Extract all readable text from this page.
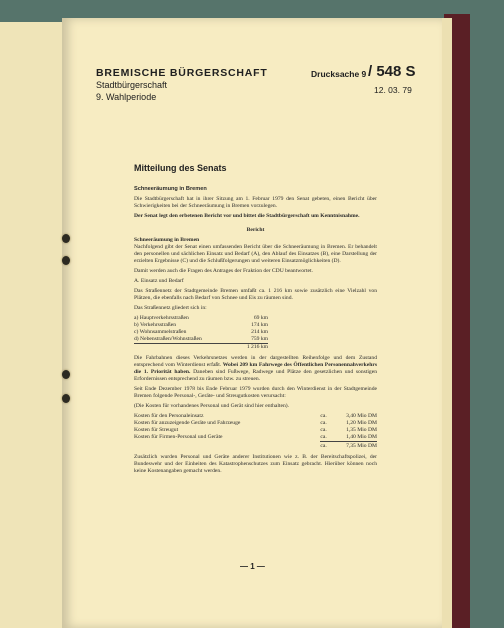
BREMISCHE BÜRGERSCHAFT
Stadtbürgerschaft
9. Wahlperiode
Drucksache 9 / 548 S
12. 03. 79
Mitteilung des Senats

Schneeräumung in Bremen

Die Stadtbürgerschaft hat in ihrer Sitzung am 1. Februar 1979 den Senat gebeten, einen Bericht über Schwierigkeiten bei der Schneeräumung in Bremen vorzulegen.

Der Senat legt den erbetenen Bericht vor und bittet die Stadtbürgerschaft um Kenntnisnahme.

Bericht

Schneeräumung in Bremen

Nachfolgend gibt der Senat einen umfassenden Bericht über die Schneeräumung in Bremen. Er behandelt den personellen und sächlichen Einsatz und Bedarf (A), den Ablauf des Einsatzes (B), eine Darstellung der erzielten Ergebnisse (C) und die Schlußfolgerungen und weiteren Einsatzmöglichkeiten (D).

Damit werden auch die Fragen des Antrages der Fraktion der CDU beantwortet.

A. Einsatz und Bedarf

Das Straßennetz der Stadtgemeinde Bremen umfaßt ca. 1 216 km sowie zusätzlich eine Vielzahl von Plätzen, die ebenfalls nach Bedarf von Schnee und Eis zu räumen sind.

Das Straßennetz gliedert sich in:

a) Hauptverkehrsstraßen	69 km
b) Verkehrsstraßen	174 km
c) Wohnsammelstraßen	214 km
d) Nebenstraßen/Wohnstraßen	759 km
1 216 km

Die Fahrbahnen dieses Verkehrsnetzes werden in der dargestellten Reihenfolge und dem Zustand entsprechend vom Winterdienst erfaßt. Wobei 209 km Fahrwege des Öffentlichen Personennahverkehrs die 1. Priorität haben. Daneben sind Fußwege, Radwege und Plätze den gesetzlichen und sonstigen Erfordernissen entsprechend zu räumen bzw. zu streuen.

Seit Ende Dezember 1978 bis Ende Februar 1979 wurden durch den Winterdienst in der Stadtgemeinde Bremen folgende Personal-, Geräte- und Streugutkosten verursacht:

(Die Kosten für vorhandenes Personal und Gerät sind hier enthalten).

Kosten für den Personaleinsatz	ca.	3,40 Mio DM
Kosten für anzuzeigende Geräte und Fahrzeuge	ca.	1,20 Mio DM
Kosten für Streugut	ca.	1,35 Mio DM
Kosten für Firmen-Personal und Geräte	ca.	1,40 Mio DM
ca.	7,35 Mio DM

Zusätzlich wurden Personal und Geräte anderer Institutionen wie z. B. der Bereitschaftspolizei, der Bundeswehr und der Einheiten des Katastrophenschutzes zum Einsatz gebracht. Hierüber können noch keine Kostenangaben gemacht werden.

— 1 —
